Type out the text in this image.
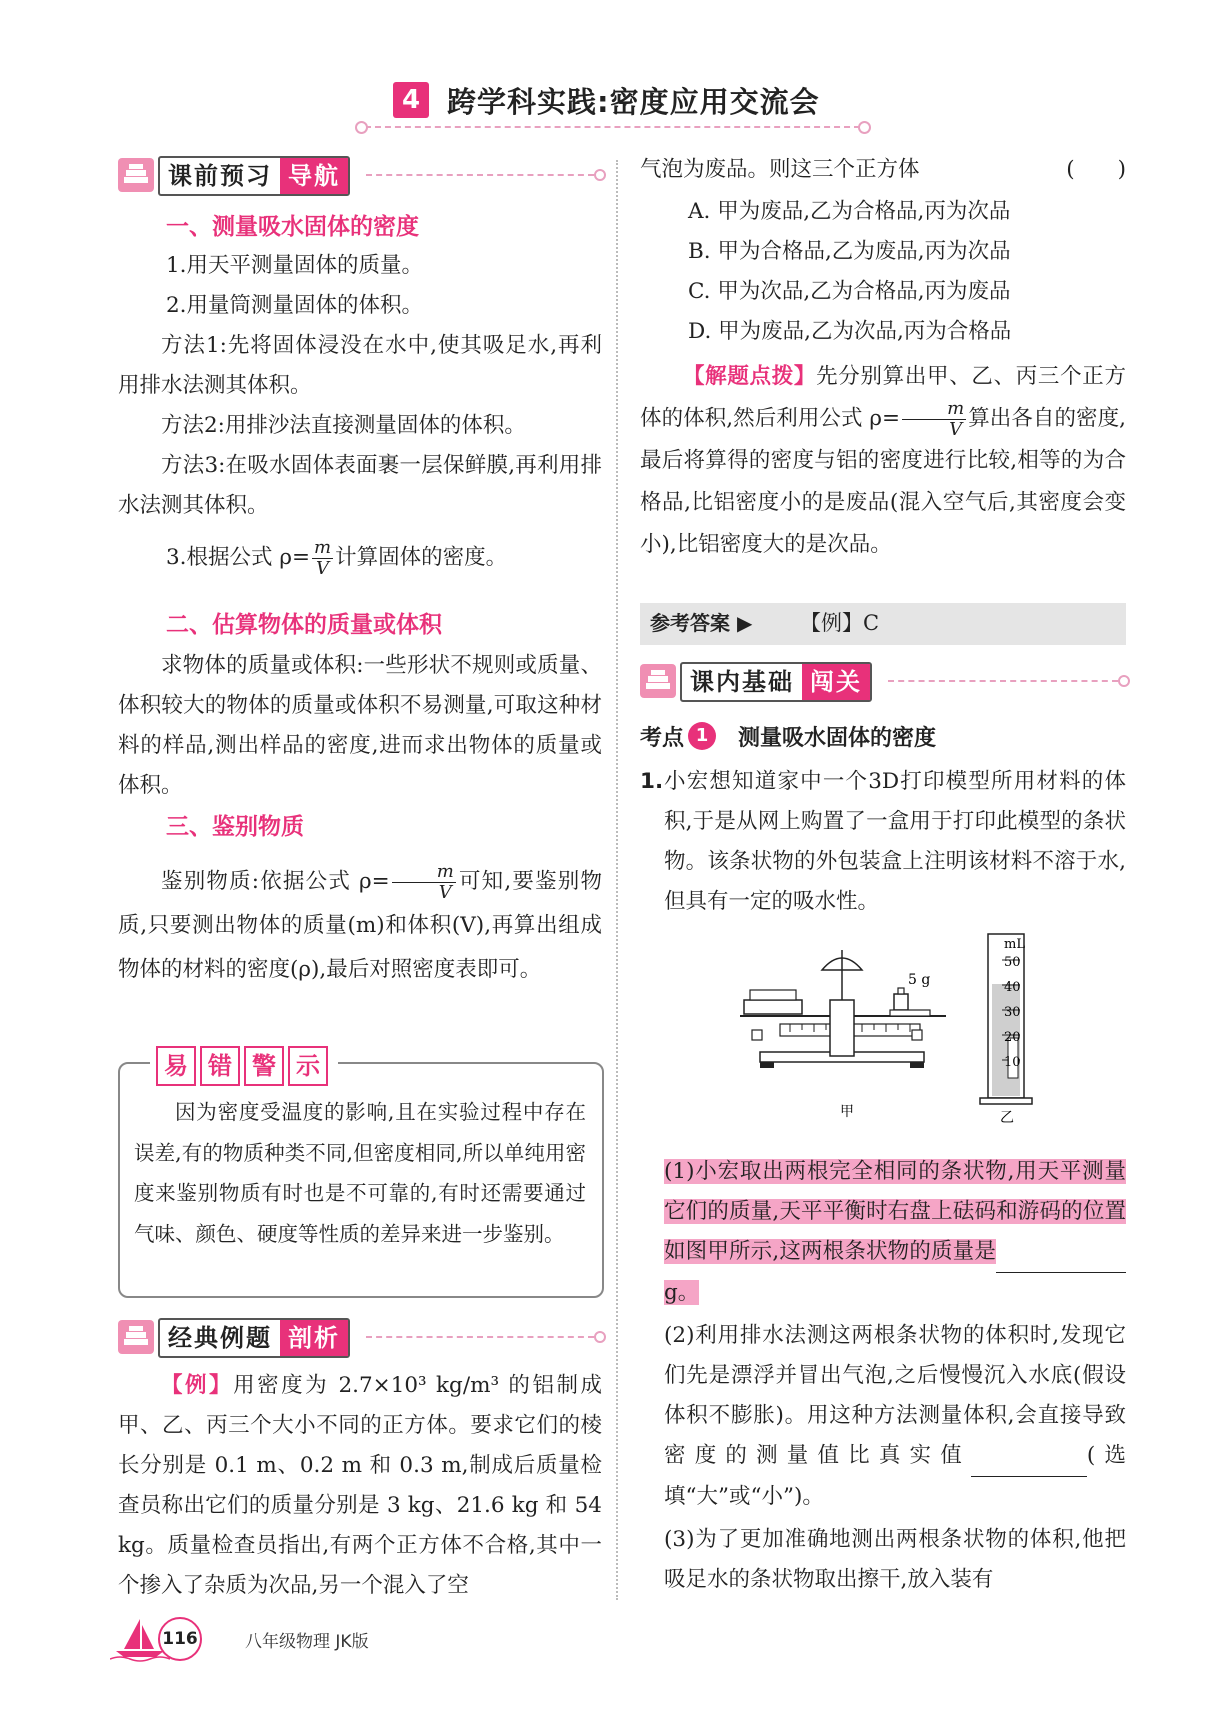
4 跨学科实践:密度应用交流会
课前预习 导航
一、测量吸水固体的密度

1.用天平测量固体的质量。

2.用量筒测量固体的体积。

方法1:先将固体浸没在水中,使其吸足水,再利用排水法测其体积。

方法2:用排沙法直接测量固体的体积。

方法3:在吸水固体表面裹一层保鲜膜,再利用排水法测其体积。

3.根据公式 $\rho= \frac{m}{V}$ 计算固体的密度。
二、估算物体的质量或体积
求物体的质量或体积:一些形状不规则或质量、体积较大的物体的质量或体积不易测量,可取这种材料的样品,测出样品的密度,进而求出物体的质量或体积。
三、鉴别物质
鉴别物质:依据公式 $\rho= \frac{m}{V}$ 可知,要鉴别物质,只要测出物体的质量(m)和体积(V),再算出组成物体的材料的密度(ρ),最后对照密度表即可。
易 错 警 示
因为密度受温度的影响,且在实验过程中存在误差,有的物质种类不同,但密度相同,所以单纯用密度来鉴别物质有时也是不可靠的,有时还需要通过气味、颜色、硬度等性质的差异来进一步鉴别。
经典例题 剖析
【例】用密度为 2.7×10³ kg/m³ 的铝制成甲、乙、丙三个大小不同的正方体。要求它们的棱长分别是 0.1 m、0.2 m 和 0.3 m,制成后质量检查员称出它们的质量分别是 3 kg、21.6 kg 和 54 kg。质量检查员指出,有两个正方体不合格,其中一个掺入了杂质为次品,另一个混入了空
气泡为废品。则这三个正方体	(　　)

A. 甲为废品,乙为合格品,丙为次品

B. 甲为合格品,乙为废品,丙为次品

C. 甲为次品,乙为合格品,丙为废品

D. 甲为废品,乙为次品,丙为合格品

【解题点拨】先分别算出甲、乙、丙三个正方体的体积,然后利用公式 $\rho= \frac{m}{V}$ 算出各自的密度,最后将算得的密度与铝的密度进行比较,相等的为合格品,比铝密度小的是废品(混入空气后,其密度会变小),比铝密度大的是次品。
参考答案 ▶ 【例】C
课内基础 闯关
考点 1	测量吸水固体的密度
1. 小宏想知道家中一个3D打印模型所用材料的体积,于是从网上购置了一盒用于打印此模型的条状物。该条状物的外包装盒上注明该材料不溶于水,但具有一定的吸水性。
5 g
甲
mL
50
40
30
20
10
乙
(1)小宏取出两根完全相同的条状物,用天平测量它们的质量,天平平衡时右盘上砝码和游码的位置如图甲所示,这两根条状物的质量是g。
(2)利用排水法测这两根条状物的体积时,发现它们先是漂浮并冒出气泡,之后慢慢沉入水底(假设体积不膨胀)。用这种方法测量体积,会直接导致密度的测量值比真实值	(选填“大”或“小”)。
(3)为了更加准确地测出两根条状物的体积,他把吸足水的条状物取出擦干,放入装有
116	八年级物理 JK版
